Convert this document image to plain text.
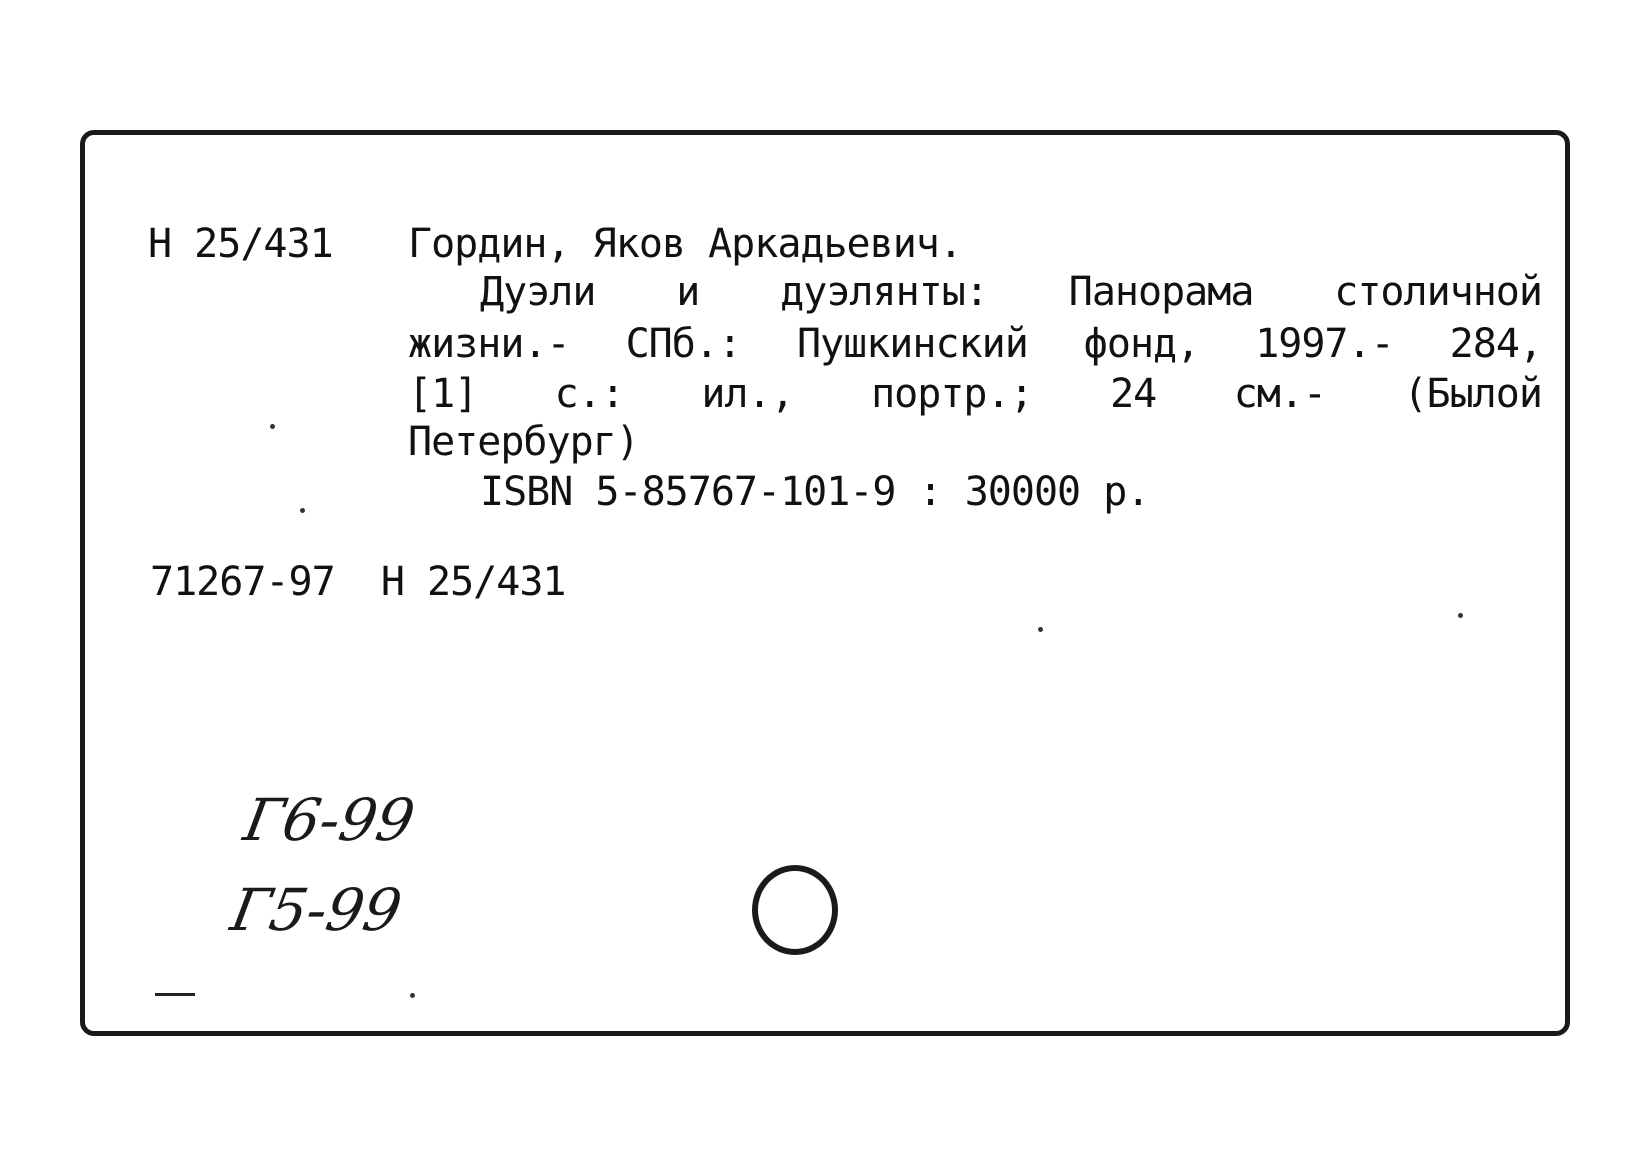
Н 25/431 Гордин, Яков Аркадьевич.
Дуэли и дуэлянты: Панорама столичной
жизни.- СПб.: Пушкинский фонд, 1997.- 284,
[1] с.: ил., портр.; 24 см.- (Былой
Петербург)
ISBN 5-85767-101-9 : 30000 р.
71267-97  Н 25/431
Г6-99
Г5-99
